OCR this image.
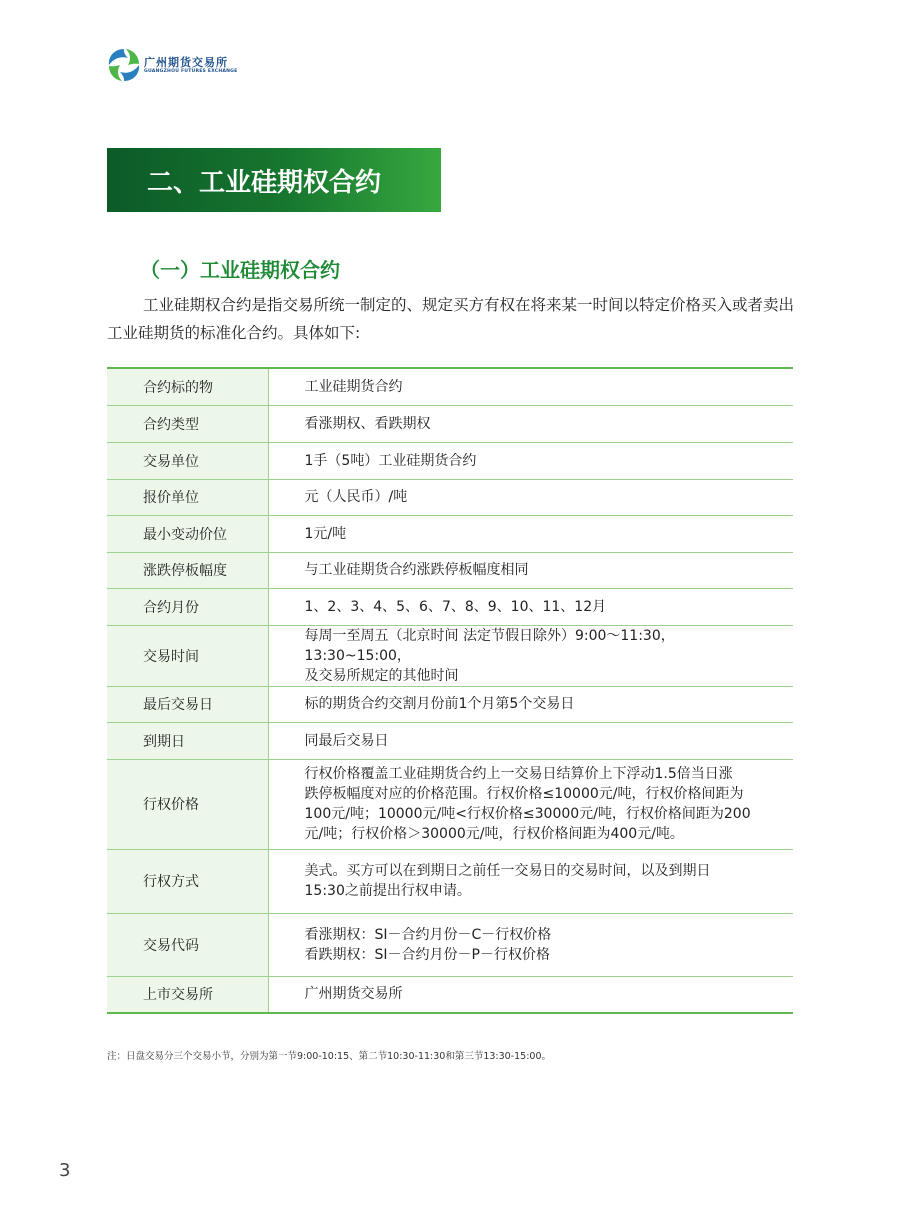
广州期货交易所
GUANGZHOU FUTURES EXCHANGE
二、工业硅期权合约
（一）工业硅期权合约

工业硅期权合约是指交易所统一制定的、规定买方有权在将来某一时间以特定价格买入或者卖出工业硅期货的标准化合约。具体如下:

合约标的物	工业硅期货合约

合约类型	看涨期权、看跌期权

交易单位	1手（5吨）工业硅期货合约

报价单位	元（人民币）/吨

最小变动价位	1元/吨

涨跌停板幅度	与工业硅期货合约涨跌停板幅度相同

合约月份	1、2、3、4、5、6、7、8、9、10、11、12月

交易时间	每周一至周五（北京时间 法定节假日除外）9:00～11:30，13:30~15:00，
及交易所规定的其他时间

最后交易日	标的期货合约交割月份前1个月第5个交易日

到期日	同最后交易日

行权价格	行权价格覆盖工业硅期货合约上一交易日结算价上下浮动1.5倍当日涨
跌停板幅度对应的价格范围。行权价格≤10000元/吨，行权价格间距为
100元/吨；10000元/吨<行权价格≤30000元/吨，行权价格间距为200
元/吨；行权价格＞30000元/吨，行权价格间距为400元/吨。

行权方式	美式。买方可以在到期日之前任一交易日的交易时间，以及到期日
15:30之前提出行权申请。

交易代码	看涨期权：SI－合约月份－C－行权价格
看跌期权：SI－合约月份－P－行权价格

上市交易所	广州期货交易所
注：日盘交易分三个交易小节，分别为第一节9:00-10:15、第二节10:30-11:30和第三节13:30-15:00。
3
